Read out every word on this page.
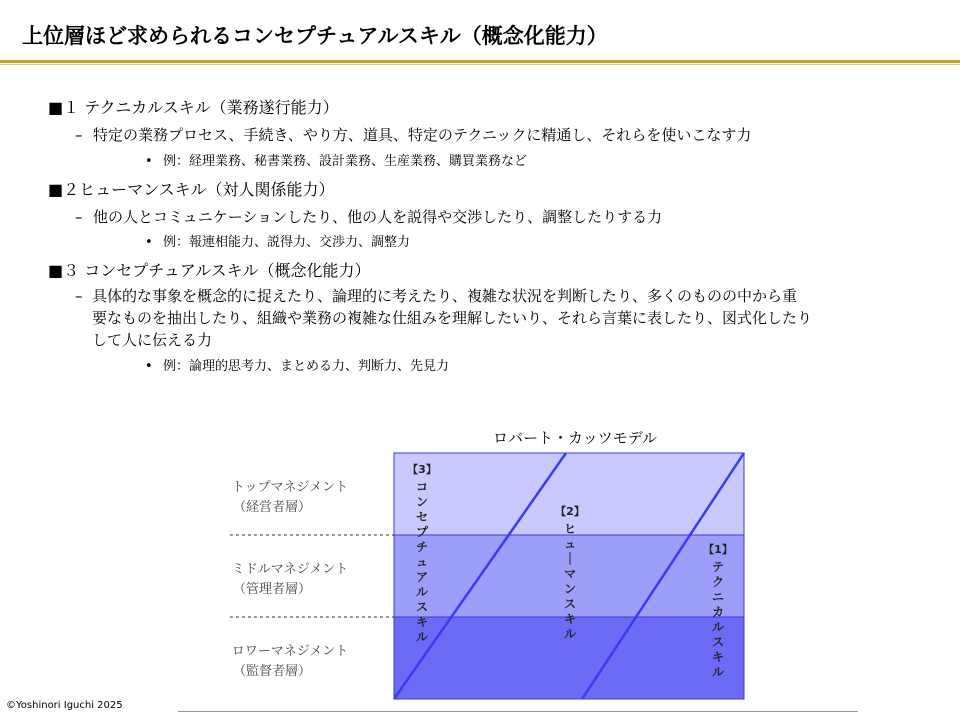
上位層ほど求められるコンセプチュアルスキル（概念化能力）
■１ テクニカルスキル（業務遂行能力）
– 特定の業務プロセス、手続き、やり方、道具、特定のテクニックに精通し、それらを使いこなす力
• 例：経理業務、秘書業務、設計業務、生産業務、購買業務など
■２ヒューマンスキル（対人関係能力）
– 他の人とコミュニケーションしたり、他の人を説得や交渉したり、調整したりする力
• 例：報連相能力、説得力、交渉力、調整力
■３ コンセプチュアルスキル（概念化能力）
– 具体的な事象を概念的に捉えたり、論理的に考えたり、複雑な状況を判断したり、多くのものの中から重
要なものを抽出したり、組織や業務の複雑な仕組みを理解したいり、それら言葉に表したり、図式化したり
して人に伝える力
• 例：論理的思考力、まとめる力、判断力、先見力
ロバート・カッツモデル
トップマネジメント
（経営者層）
ミドルマネジメント
（管理者層）
ロワーマネジメント
（監督者層）
【3】
コ
ン
セ
プ
チ
ュ
ア
ル
ス
キ
ル
【2】
ヒ
ュ
｜
マ
ン
ス
キ
ル
【1】
テ
ク
ニ
カ
ル
ス
キ
ル
©Yoshinori Iguchi 2025
